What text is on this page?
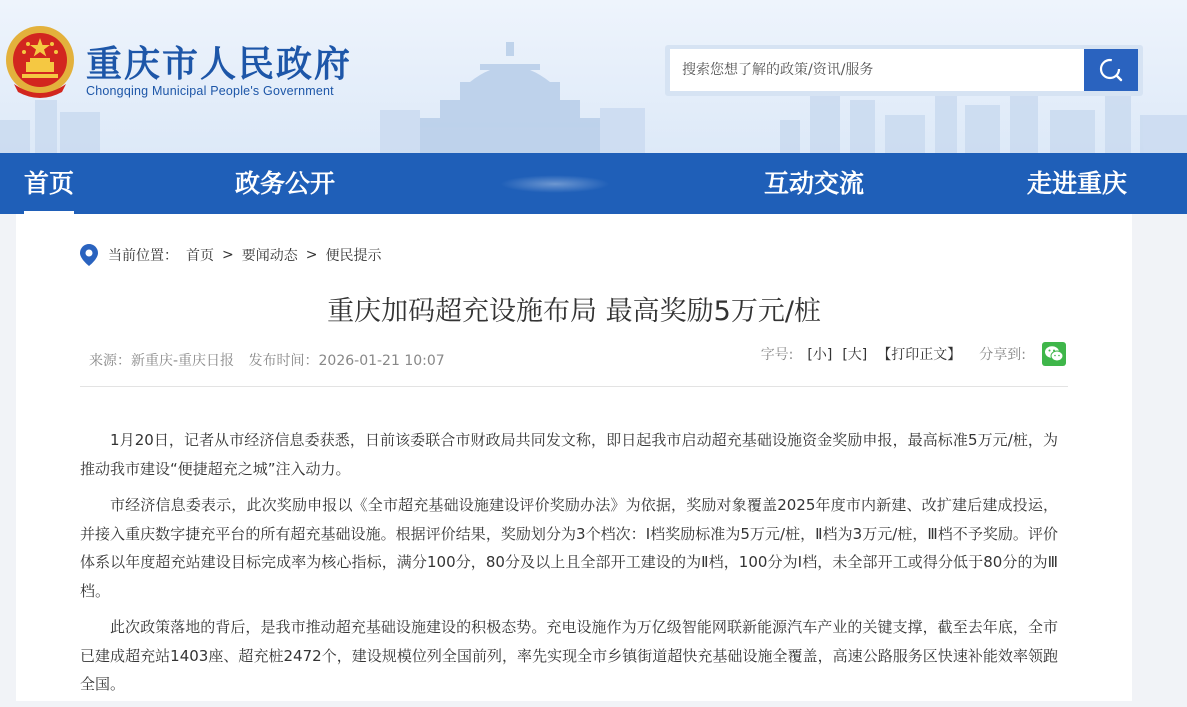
重庆市人民政府
Chongqing Municipal People's Government
搜索您想了解的政策/资讯/服务
首页	政务公开	互动交流	走进重庆
当前位置： 首页 > 要闻动态 > 便民提示
重庆加码超充设施布局 最高奖励5万元/桩
来源：新重庆-重庆日报 发布时间：2026-01-21 10:07	字号: [小] [大] 【打印正文】 分享到:

1月20日，记者从市经济信息委获悉，日前该委联合市财政局共同发文称，即日起我市启动超充基础设施资金奖励申报，最高标准5万元/桩，为推动我市建设“便捷超充之城”注入动力。

市经济信息委表示，此次奖励申报以《全市超充基础设施建设评价奖励办法》为依据，奖励对象覆盖2025年度市内新建、改扩建后建成投运，并接入重庆数字捷充平台的所有超充基础设施。根据评价结果，奖励划分为3个档次：Ⅰ档奖励标准为5万元/桩，Ⅱ档为3万元/桩，Ⅲ档不予奖励。评价体系以年度超充站建设目标完成率为核心指标，满分100分，80分及以上且全部开工建设的为Ⅱ档，100分为Ⅰ档，未全部开工或得分低于80分的为Ⅲ档。

此次政策落地的背后，是我市推动超充基础设施建设的积极态势。充电设施作为万亿级智能网联新能源汽车产业的关键支撑，截至去年底，全市已建成超充站1403座、超充桩2472个，建设规模位列全国前列，率先实现全市乡镇街道超快充基础设施全覆盖，高速公路服务区快速补能效率领跑全国。
